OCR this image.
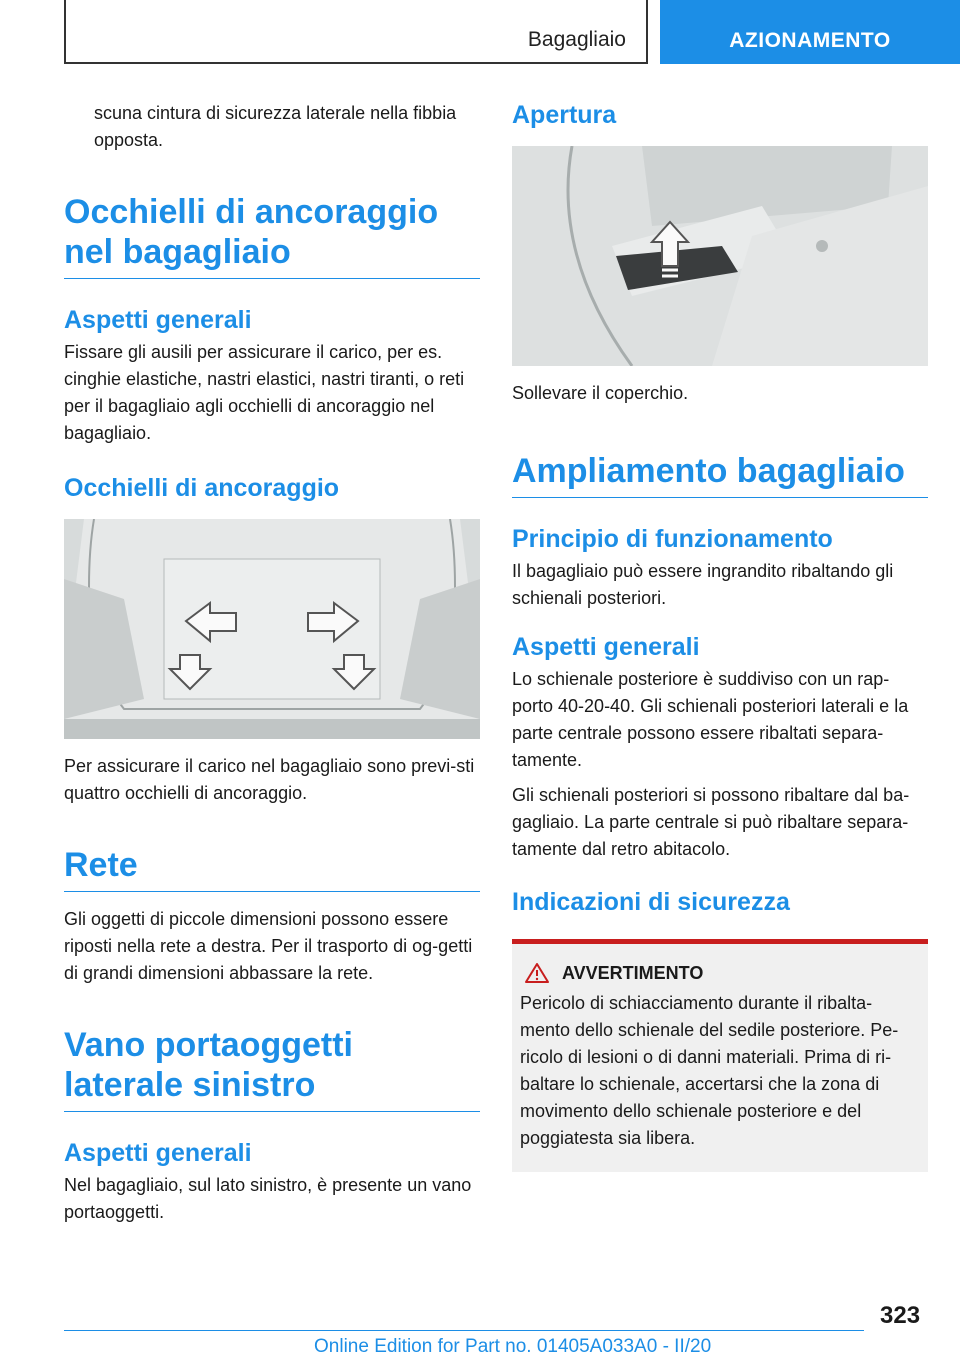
Bagagliaio	AZIONAMENTO

scuna cintura di sicurezza laterale nella fibbia opposta.

Occhielli di ancoraggio nel bagagliaio
Aspetti generali

Fissare gli ausili per assicurare il carico, per es. cinghie elastiche, nastri elastici, nastri tiranti, o reti per il bagagliaio agli occhielli di ancoraggio nel bagagliaio.

Occhielli di ancoraggio

Per assicurare il carico nel bagagliaio sono previ-sti quattro occhielli di ancoraggio.

Rete

Gli oggetti di piccole dimensioni possono essere riposti nella rete a destra. Per il trasporto di og-getti di grandi dimensioni abbassare la rete.

Vano portaoggetti laterale sinistro
Aspetti generali

Nel bagagliaio, sul lato sinistro, è presente un vano portaoggetti.

Apertura

Sollevare il coperchio.

Ampliamento bagagliaio
Principio di funzionamento

Il bagagliaio può essere ingrandito ribaltando gli schienali posteriori.

Aspetti generali

Lo schienale posteriore è suddiviso con un rap-porto 40-20-40. Gli schienali posteriori laterali e la parte centrale possono essere ribaltati separa-tamente.

Gli schienali posteriori si possono ribaltare dal ba-gagliaio. La parte centrale si può ribaltare separa-tamente dal retro abitacolo.

Indicazioni di sicurezza
AVVERTIMENTO

Pericolo di schiacciamento durante il ribalta-mento dello schienale del sedile posteriore. Pe-ricolo di lesioni o di danni materiali. Prima di ri-baltare lo schienale, accertarsi che la zona di movimento dello schienale posteriore e del poggiatesta sia libera.

323
Online Edition for Part no. 01405A033A0 - II/20
